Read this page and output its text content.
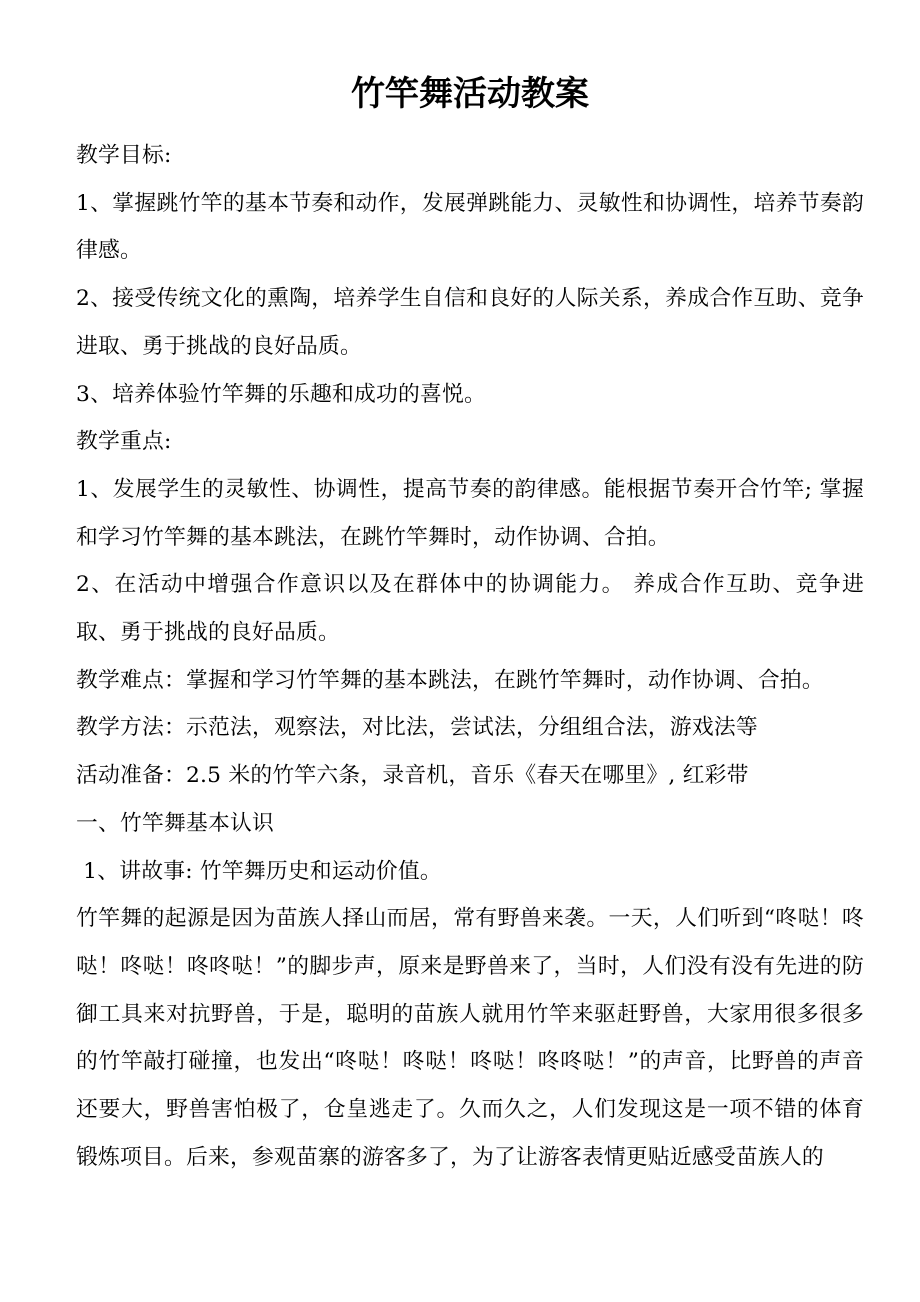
竹竿舞活动教案

教学目标:

1、掌握跳竹竿的基本节奏和动作，发展弹跳能力、灵敏性和协调性，培养节奏韵律感。

2、接受传统文化的熏陶，培养学生自信和良好的人际关系，养成合作互助、竞争进取、勇于挑战的良好品质。

3、培养体验竹竿舞的乐趣和成功的喜悦。

教学重点:

1、发展学生的灵敏性、协调性，提高节奏的韵律感。能根据节奏开合竹竿; 掌握和学习竹竿舞的基本跳法，在跳竹竿舞时，动作协调、合拍。

2、在活动中增强合作意识以及在群体中的协调能力。 养成合作互助、竞争进取、勇于挑战的良好品质。

教学难点：掌握和学习竹竿舞的基本跳法，在跳竹竿舞时，动作协调、合拍。

教学方法：示范法，观察法，对比法，尝试法，分组组合法，游戏法等

活动准备：2.5 米的竹竿六条，录音机，音乐《春天在哪里》, 红彩带

一、竹竿舞基本认识

1、讲故事: 竹竿舞历史和运动价值。

竹竿舞的起源是因为苗族人择山而居，常有野兽来袭。一天，人们听到“咚哒！咚哒！咚哒！咚咚哒！”的脚步声，原来是野兽来了，当时，人们没有没有先进的防御工具来对抗野兽，于是，聪明的苗族人就用竹竿来驱赶野兽，大家用很多很多的竹竿敲打碰撞，也发出“咚哒！咚哒！咚哒！咚咚哒！”的声音，比野兽的声音还要大，野兽害怕极了，仓皇逃走了。久而久之，人们发现这是一项不错的体育锻炼项目。后来，参观苗寨的游客多了，为了让游客表情更贴近感受苗族人的
